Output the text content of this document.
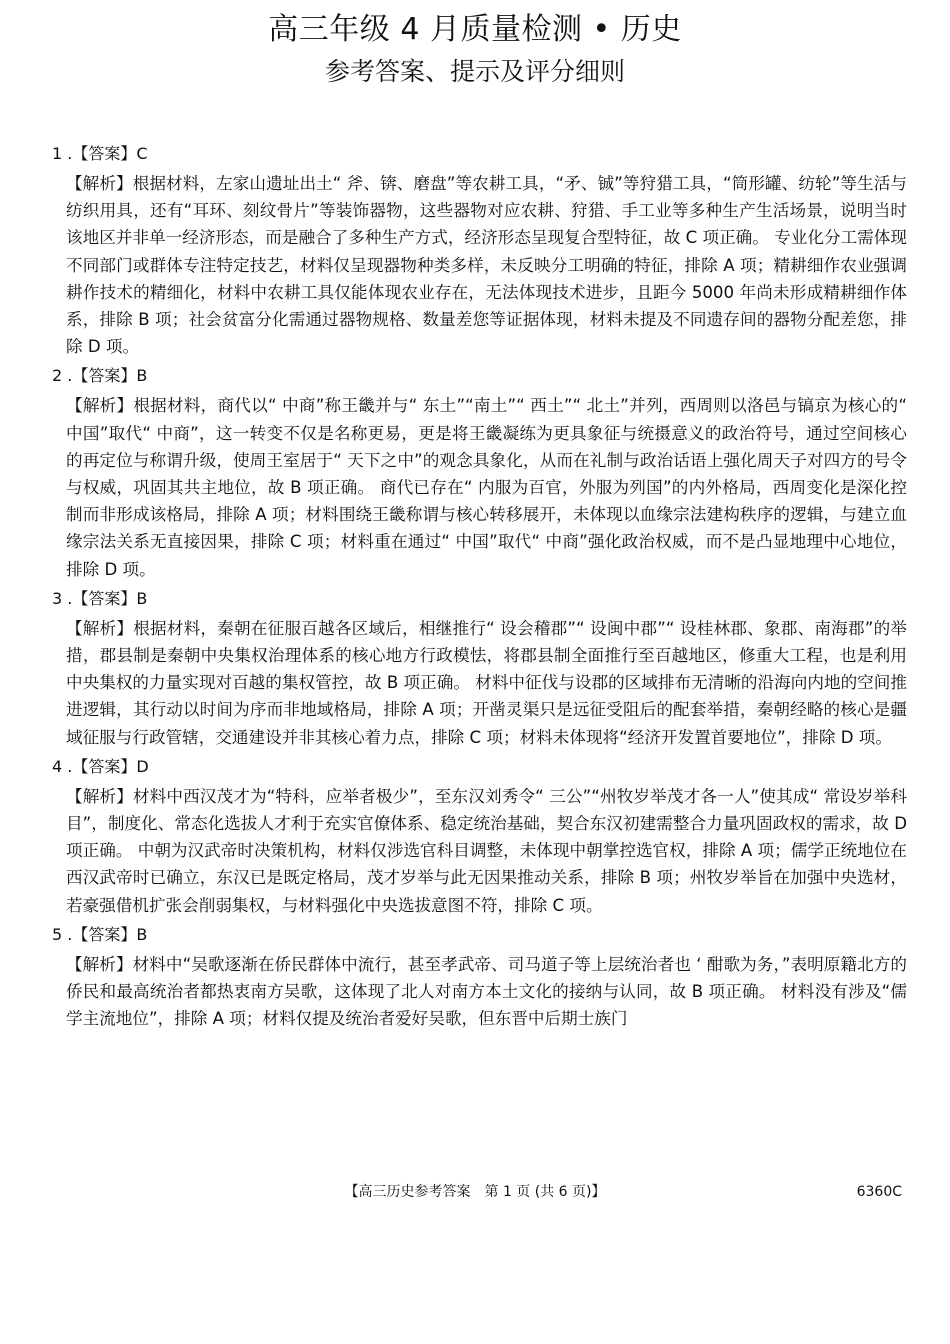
高三年级 4 月质量检测 • 历史
参考答案、提示及评分细则
1 .【答案】C

【解析】根据材料，左家山遗址出土“ 斧、锛、磨盘”等农耕工具，“矛、铖”等狩猎工具，“筒形罐、纺轮”等生活与纺织用具，还有“耳环、刻纹骨片”等装饰器物，这些器物对应农耕、狩猎、手工业等多种生产生活场景，说明当时该地区并非单一经济形态，而是融合了多种生产方式，经济形态呈现复合型特征，故 C 项正确。 专业化分工需体现不同部门或群体专注特定技艺，材料仅呈现器物种类多样，未反映分工明确的特征，排除 A 项；精耕细作农业强调耕作技术的精细化，材料中农耕工具仅能体现农业存在，无法体现技术进步，且距今 5000 年尚未形成精耕细作体系，排除 B 项；社会贫富分化需通过器物规格、数量差您等证据体现，材料未提及不同遗存间的器物分配差您，排除 D 项。

2 .【答案】B

【解析】根据材料，商代以“ 中商”称王畿并与“ 东土”“南土”“ 西土”“ 北土”并列，西周则以洛邑与镐京为核心的“ 中国”取代“ 中商”，这一转变不仅是名称更易，更是将王畿凝练为更具象征与统摄意义的政治符号，通过空间核心的再定位与称谓升级，使周王室居于“ 天下之中”的观念具象化，从而在礼制与政治话语上强化周天子对四方的号令与权威，巩固其共主地位，故 B 项正确。 商代已存在“ 内服为百官，外服为列国”的内外格局，西周变化是深化控制而非形成该格局，排除 A 项；材料围绕王畿称谓与核心转移展开，未体现以血缘宗法建构秩序的逻辑，与建立血缘宗法关系无直接因果，排除 C 项；材料重在通过“ 中国”取代“ 中商”强化政治权威，而不是凸显地理中心地位，排除 D 项。

3 .【答案】B

【解析】根据材料，秦朝在征服百越各区域后，相继推行“ 设会稽郡”“ 设闽中郡”“ 设桂林郡、象郡、南海郡”的举措，郡县制是秦朝中央集权治理体系的核心地方行政模怯，将郡县制全面推行至百越地区，修重大工程，也是利用中央集权的力量实现对百越的集权管控，故 B 项正确。 材料中征伐与设郡的区域排布无清晰的沿海向内地的空间推进逻辑，其行动以时间为序而非地域格局，排除 A 项；开凿灵渠只是远征受阻后的配套举措，秦朝经略的核心是疆域征服与行政管辖，交通建设并非其核心着力点，排除 C 项；材料未体现将“经济开发置首要地位”，排除 D 项。

4 .【答案】D

【解析】材料中西汉茂才为“特科，应举者极少”，至东汉刘秀令“ 三公”“州牧岁举茂才各一人”使其成“ 常设岁举科目”，制度化、常态化选拔人才利于充实官僚体系、稳定统治基础，契合东汉初建需整合力量巩固政权的需求，故 D 项正确。 中朝为汉武帝时决策机构，材料仅涉选官科目调整，未体现中朝掌控选官权，排除 A 项；儒学正统地位在西汉武帝时已确立，东汉已是既定格局，茂才岁举与此无因果推动关系，排除 B 项；州牧岁举旨在加强中央选材，若豪强借机扩张会削弱集权，与材料强化中央选拔意图不符，排除 C 项。

5 .【答案】B

【解析】材料中“吴歌逐渐在侨民群体中流行，甚至孝武帝、司马道子等上层统治者也 ‘ 酣歌为务，”表明原籍北方的侨民和最高统治者都热衷南方吴歌，这体现了北人对南方本土文化的接纳与认同，故 B 项正确。 材料没有涉及“儒学主流地位”，排除 A 项；材料仅提及统治者爱好吴歌，但东晋中后期士族门

【高三历史参考答案　第 1 页 (共 6 页)】	6360C
